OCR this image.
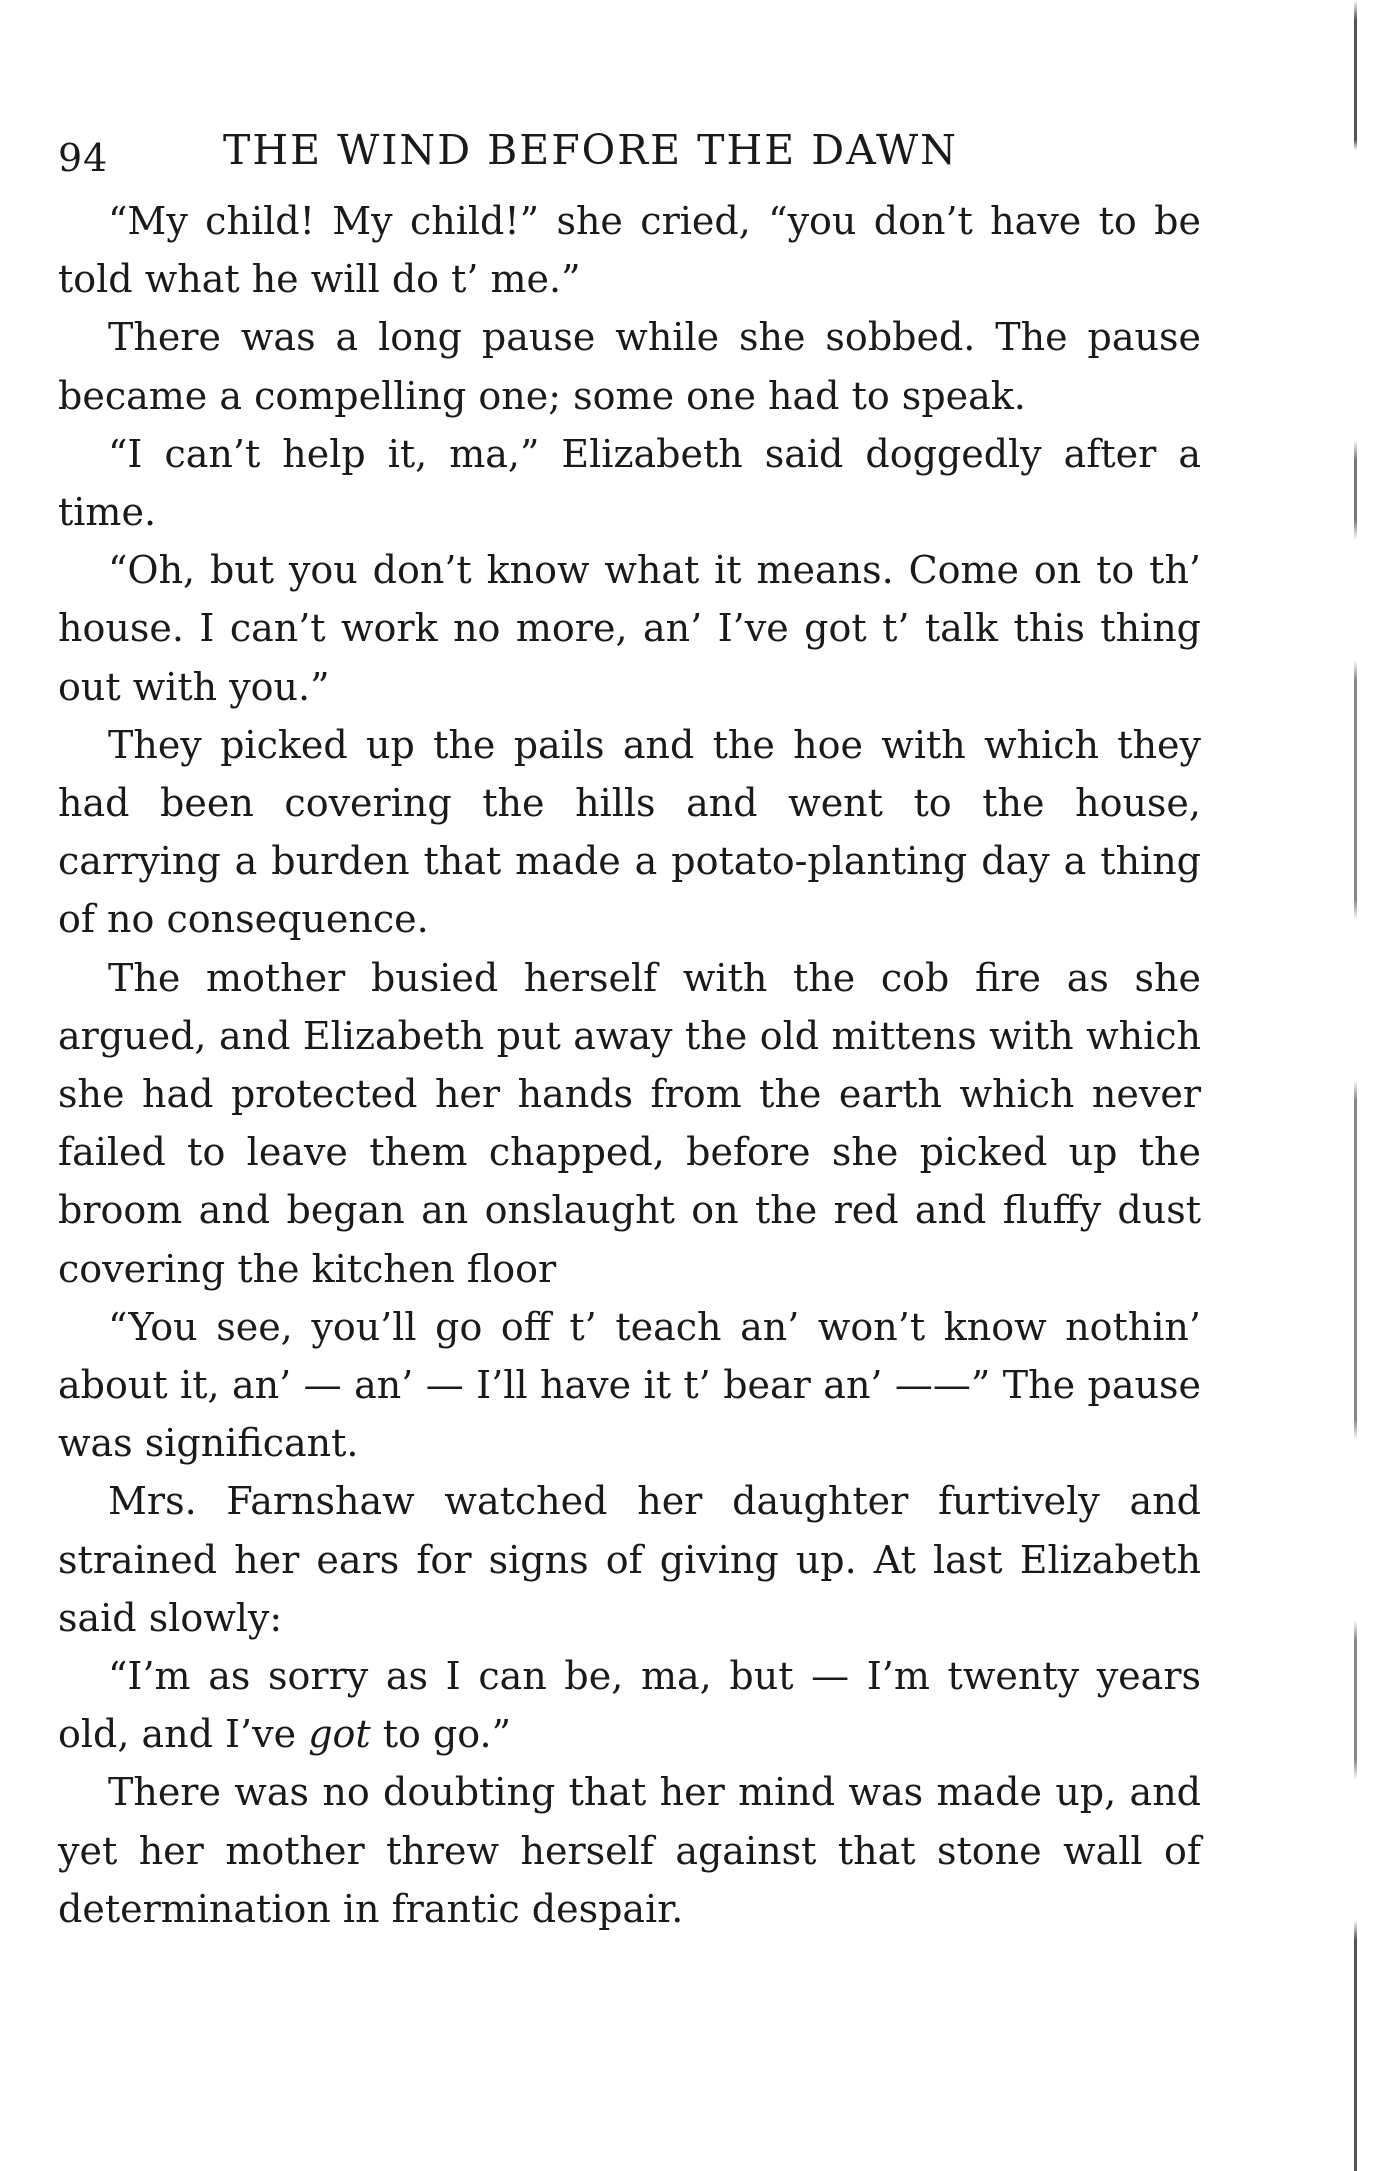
94	THE WIND BEFORE THE DAWN

“My child! My child!” she cried, “you don’t have to be told what he will do t’ me.”

There was a long pause while she sobbed. The pause became a compelling one; some one had to speak.

“I can’t help it, ma,” Elizabeth said doggedly after a time.

“Oh, but you don’t know what it means. Come on to th’ house. I can’t work no more, an’ I’ve got t’ talk this thing out with you.”

They picked up the pails and the hoe with which they had been covering the hills and went to the house, carrying a burden that made a potato-planting day a thing of no consequence.

The mother busied herself with the cob fire as she argued, and Elizabeth put away the old mittens with which she had protected her hands from the earth which never failed to leave them chapped, before she picked up the broom and began an onslaught on the red and fluffy dust covering the kitchen floor

“You see, you’ll go off t’ teach an’ won’t know nothin’ about it, an’ — an’ — I’ll have it t’ bear an’ ——” The pause was significant.

Mrs. Farnshaw watched her daughter furtively and strained her ears for signs of giving up. At last Elizabeth said slowly:

“I’m as sorry as I can be, ma, but — I’m twenty years old, and I’ve got to go.”

There was no doubting that her mind was made up, and yet her mother threw herself against that stone wall of determination in frantic despair.
